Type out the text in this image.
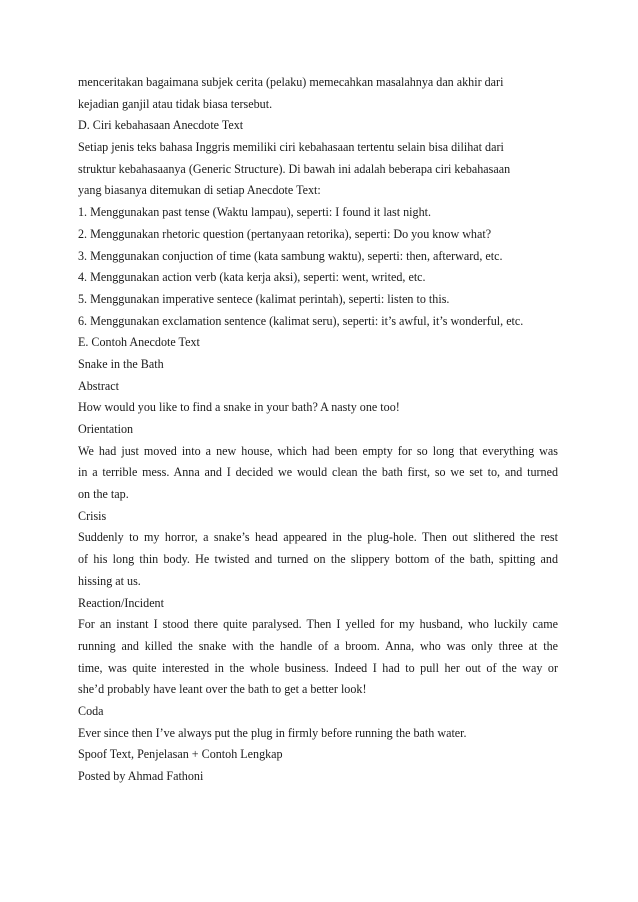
menceritakan bagaimana subjek cerita (pelaku) memecahkan masalahnya dan akhir dari
kejadian ganjil atau tidak biasa tersebut.
D. Ciri kebahasaan Anecdote Text
Setiap jenis teks bahasa Inggris memiliki ciri kebahasaan tertentu selain bisa dilihat dari
struktur kebahasaanya (Generic Structure). Di bawah ini adalah beberapa ciri kebahasaan
yang biasanya ditemukan di setiap Anecdote Text:
1. Menggunakan past tense (Waktu lampau), seperti: I found it last night.
2. Menggunakan rhetoric question (pertanyaan retorika), seperti: Do you know what?
3. Menggunakan conjuction of time (kata sambung waktu), seperti: then, afterward, etc.
4. Menggunakan action verb (kata kerja aksi), seperti: went, writed, etc.
5. Menggunakan imperative sentece (kalimat perintah), seperti: listen to this.
6. Menggunakan exclamation sentence (kalimat seru), seperti: it’s awful, it’s wonderful, etc.
E. Contoh Anecdote Text
Snake in the Bath
Abstract
How would you like to find a snake in your bath? A nasty one too!
Orientation
We had just moved into a new house, which had been empty for so long that everything was
in a terrible mess. Anna and I decided we would clean the bath first, so we set to, and turned
on the tap.
Crisis
Suddenly to my horror, a snake’s head appeared in the plug-hole. Then out slithered the rest
of his long thin body. He twisted and turned on the slippery bottom of the bath, spitting and
hissing at us.
Reaction/Incident
For an instant I stood there quite paralysed. Then I yelled for my husband, who luckily came
running and killed the snake with the handle of a broom. Anna, who was only three at the
time, was quite interested in the whole business. Indeed I had to pull her out of the way or
she’d probably have leant over the bath to get a better look!
Coda
Ever since then I’ve always put the plug in firmly before running the bath water.
Spoof Text, Penjelasan + Contoh Lengkap
Posted by Ahmad Fathoni
